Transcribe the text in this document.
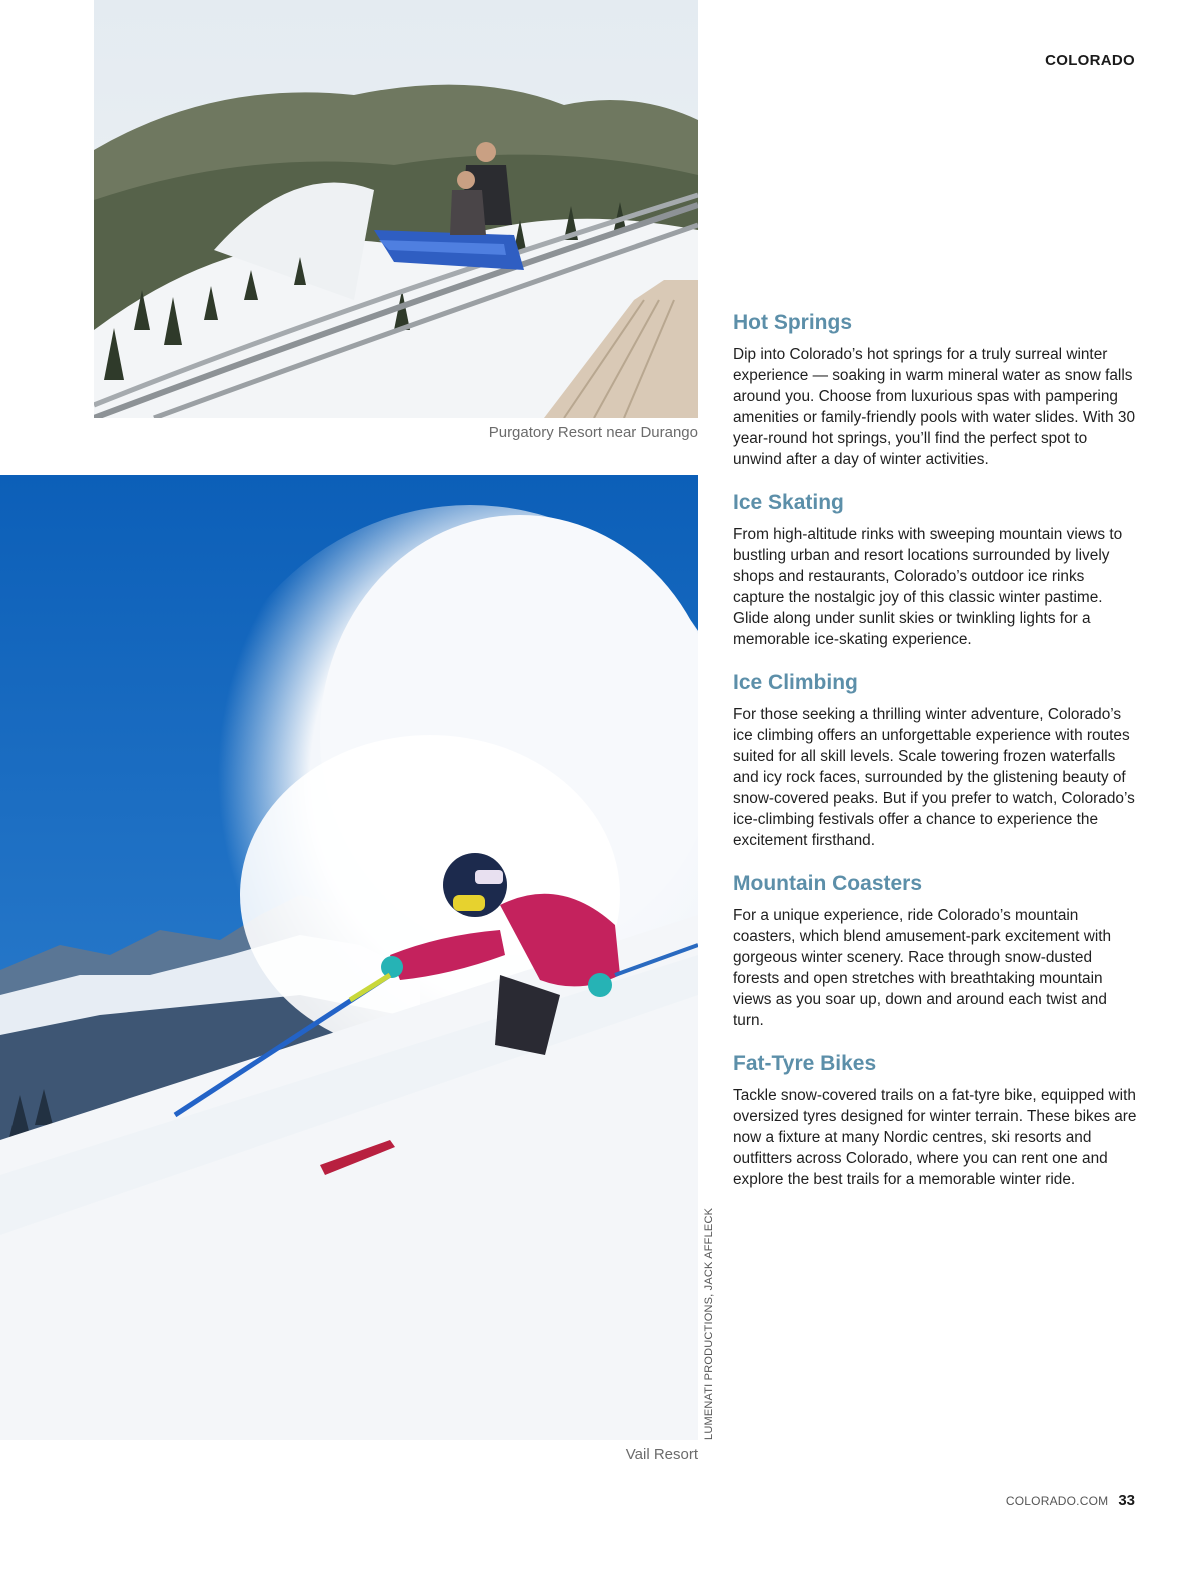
COLORADO
Purgatory Resort near Durango
Vail Resort
LUMENATI PRODUCTIONS, JACK AFFLECK
Hot Springs

Dip into Colorado’s hot springs for a truly surreal winter experience — soaking in warm mineral water as snow falls around you. Choose from luxurious spas with pampering amenities or family-friendly pools with water slides. With 30 year-round hot springs, you’ll find the perfect spot to unwind after a day of winter activities.

Ice Skating

From high-altitude rinks with sweeping mountain views to bustling urban and resort locations surrounded by lively shops and restaurants, Colorado’s outdoor ice rinks capture the nostalgic joy of this classic winter pastime. Glide along under sunlit skies or twinkling lights for a memorable ice-skating experience.

Ice Climbing

For those seeking a thrilling winter adventure, Colorado’s ice climbing offers an unforgettable experience with routes suited for all skill levels. Scale towering frozen waterfalls and icy rock faces, surrounded by the glistening beauty of snow-covered peaks. But if you prefer to watch, Colorado’s ice-climbing festivals offer a chance to experience the excitement firsthand.

Mountain Coasters

For a unique experience, ride Colorado’s mountain coasters, which blend amusement-park excitement with gorgeous winter scenery. Race through snow-dusted forests and open stretches with breathtaking mountain views as you soar up, down and around each twist and turn.

Fat-Tyre Bikes

Tackle snow-covered trails on a fat-tyre bike, equipped with oversized tyres designed for winter terrain. These bikes are now a fixture at many Nordic centres, ski resorts and outfitters across Colorado, where you can rent one and explore the best trails for a memorable winter ride.

COLORADO.COM 33
